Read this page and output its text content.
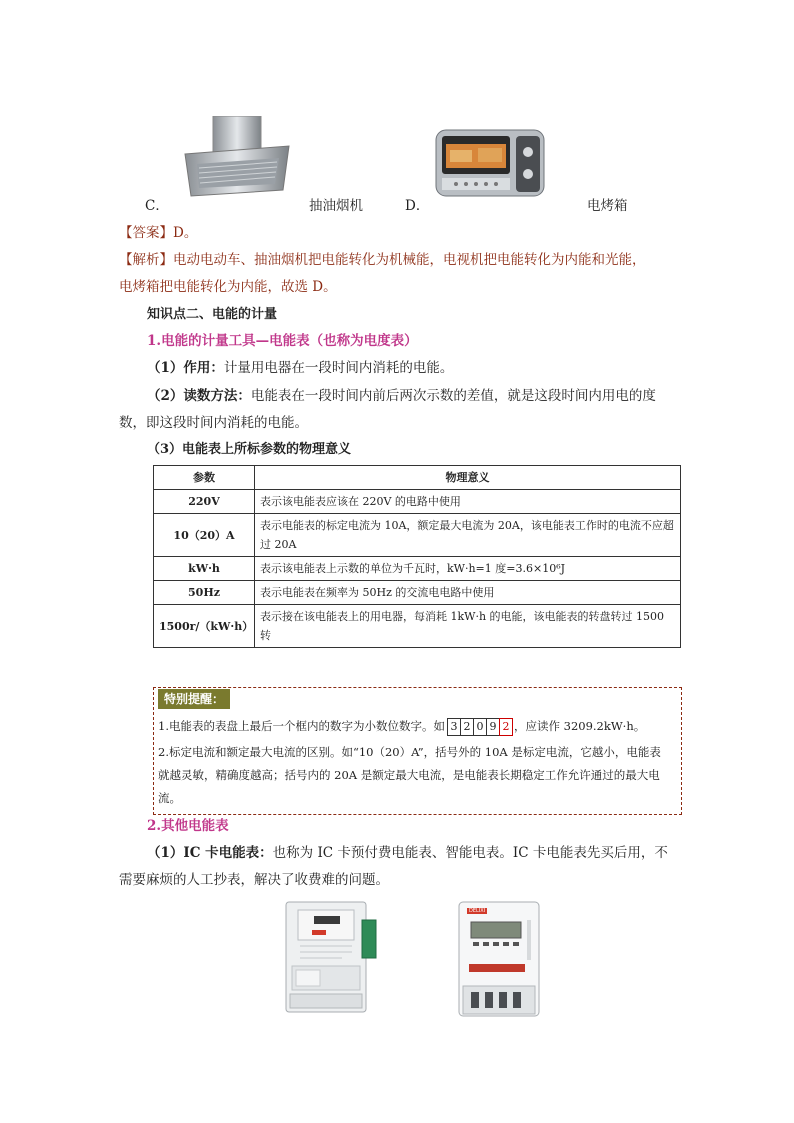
C．	抽油烟机	D．	电烤箱
【答案】D。
【解析】电动电动车、抽油烟机把电能转化为机械能，电视机把电能转化为内能和光能，
电烤箱把电能转化为内能，故选 D。
知识点二、电能的计量
1.电能的计量工具—电能表（也称为电度表）
（1）作用：计量用电器在一段时间内消耗的电能。
（2）读数方法：电能表在一段时间内前后两次示数的差值，就是这段时间内用电的度
数，即这段时间内消耗的电能。
（3）电能表上所标参数的物理意义
参数	物理意义
220V	表示该电能表应该在 220V 的电路中使用
10（20）A	表示电能表的标定电流为 10A，额定最大电流为 20A，该电能表工作时的电流不应超过 20A
kW·h	表示该电能表上示数的单位为千瓦时，kW·h=1 度=3.6×10⁶J
50Hz	表示电能表在频率为 50Hz 的交流电电路中使用
1500r/（kW·h）	表示接在该电能表上的用电器，每消耗 1kW·h 的电能，该电能表的转盘转过 1500 转
特别提醒：
1.电能表的表盘上最后一个框内的数字为小数位数字。如 3 2 0 9 2 ，应读作 3209.2kW·h。
2.标定电流和额定最大电流的区别。如“10（20）A”，括号外的 10A 是标定电流，它越小，电能表
就越灵敏，精确度越高；括号内的 20A 是额定最大电流，是电能表长期稳定工作允许通过的最大电
流。
2.其他电能表
（1）IC 卡电能表：也称为 IC 卡预付费电能表、智能电表。IC 卡电能表先买后用，不
需要麻烦的人工抄表，解决了收费难的问题。
DELIXI
